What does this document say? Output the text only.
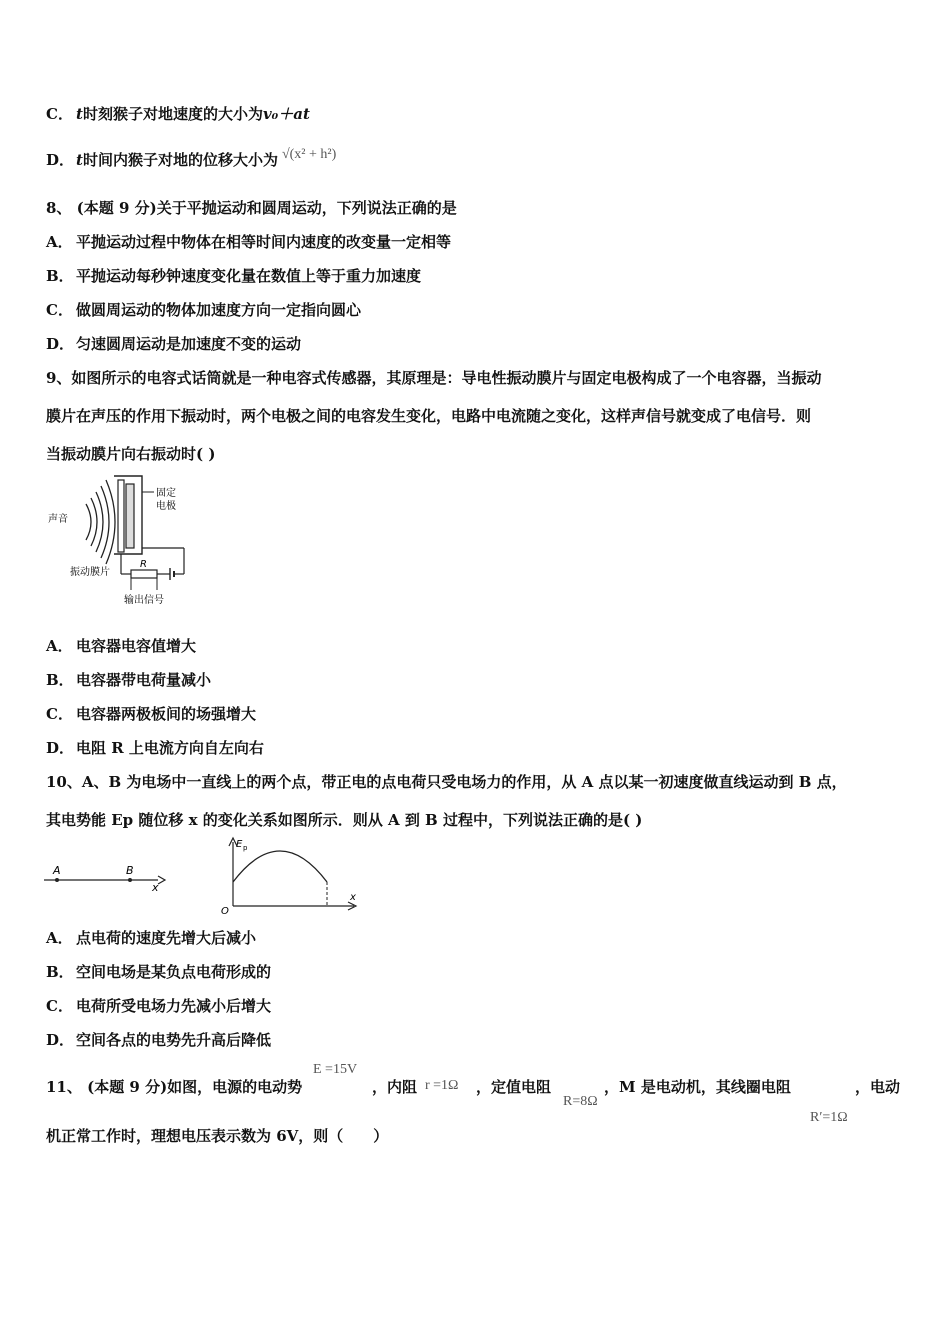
C． t时刻猴子对地速度的大小为v₀＋at
D． t时间内猴子对地的位移大小为 √(x² + h²)
8、 (本题 9 分)关于平抛运动和圆周运动，下列说法正确的是
A． 平抛运动过程中物体在相等时间内速度的改变量一定相等
B． 平抛运动每秒钟速度变化量在数值上等于重力加速度
C． 做圆周运动的物体加速度方向一定指向圆心
D． 匀速圆周运动是加速度不变的运动
9、如图所示的电容式话筒就是一种电容式传感器，其原理是：导电性振动膜片与固定电极构成了一个电容器，当振动
膜片在声压的作用下振动时，两个电极之间的电容发生变化，电路中电流随之变化，这样声信号就变成了电信号．则
当振动膜片向右振动时( )
声音
固定
电极
R
振动膜片
输出信号
A． 电容器电容值增大
B． 电容器带电荷量减小
C． 电容器两极板间的场强增大
D． 电阻 R 上电流方向自左向右
10、A、B 为电场中一直线上的两个点，带正电的点电荷只受电场力的作用，从 A 点以某一初速度做直线运动到 B 点，
其电势能 Ep 随位移 x 的变化关系如图所示．则从 A 到 B 过程中，下列说法正确的是( )
A	B
x
E p
O
x
A． 点电荷的速度先增大后减小
B． 空间电场是某负点电荷形成的
C． 电荷所受电场力先减小后增大
D． 空间各点的电势先升高后降低
11、 (本题 9 分)如图，电源的电动势
E =15V
，内阻 r =1Ω	，定值电阻
R=8Ω
，M 是电动机，其线圈电阻
R′=1Ω
，电动
机正常工作时，理想电压表示数为 6V，则（　　）
